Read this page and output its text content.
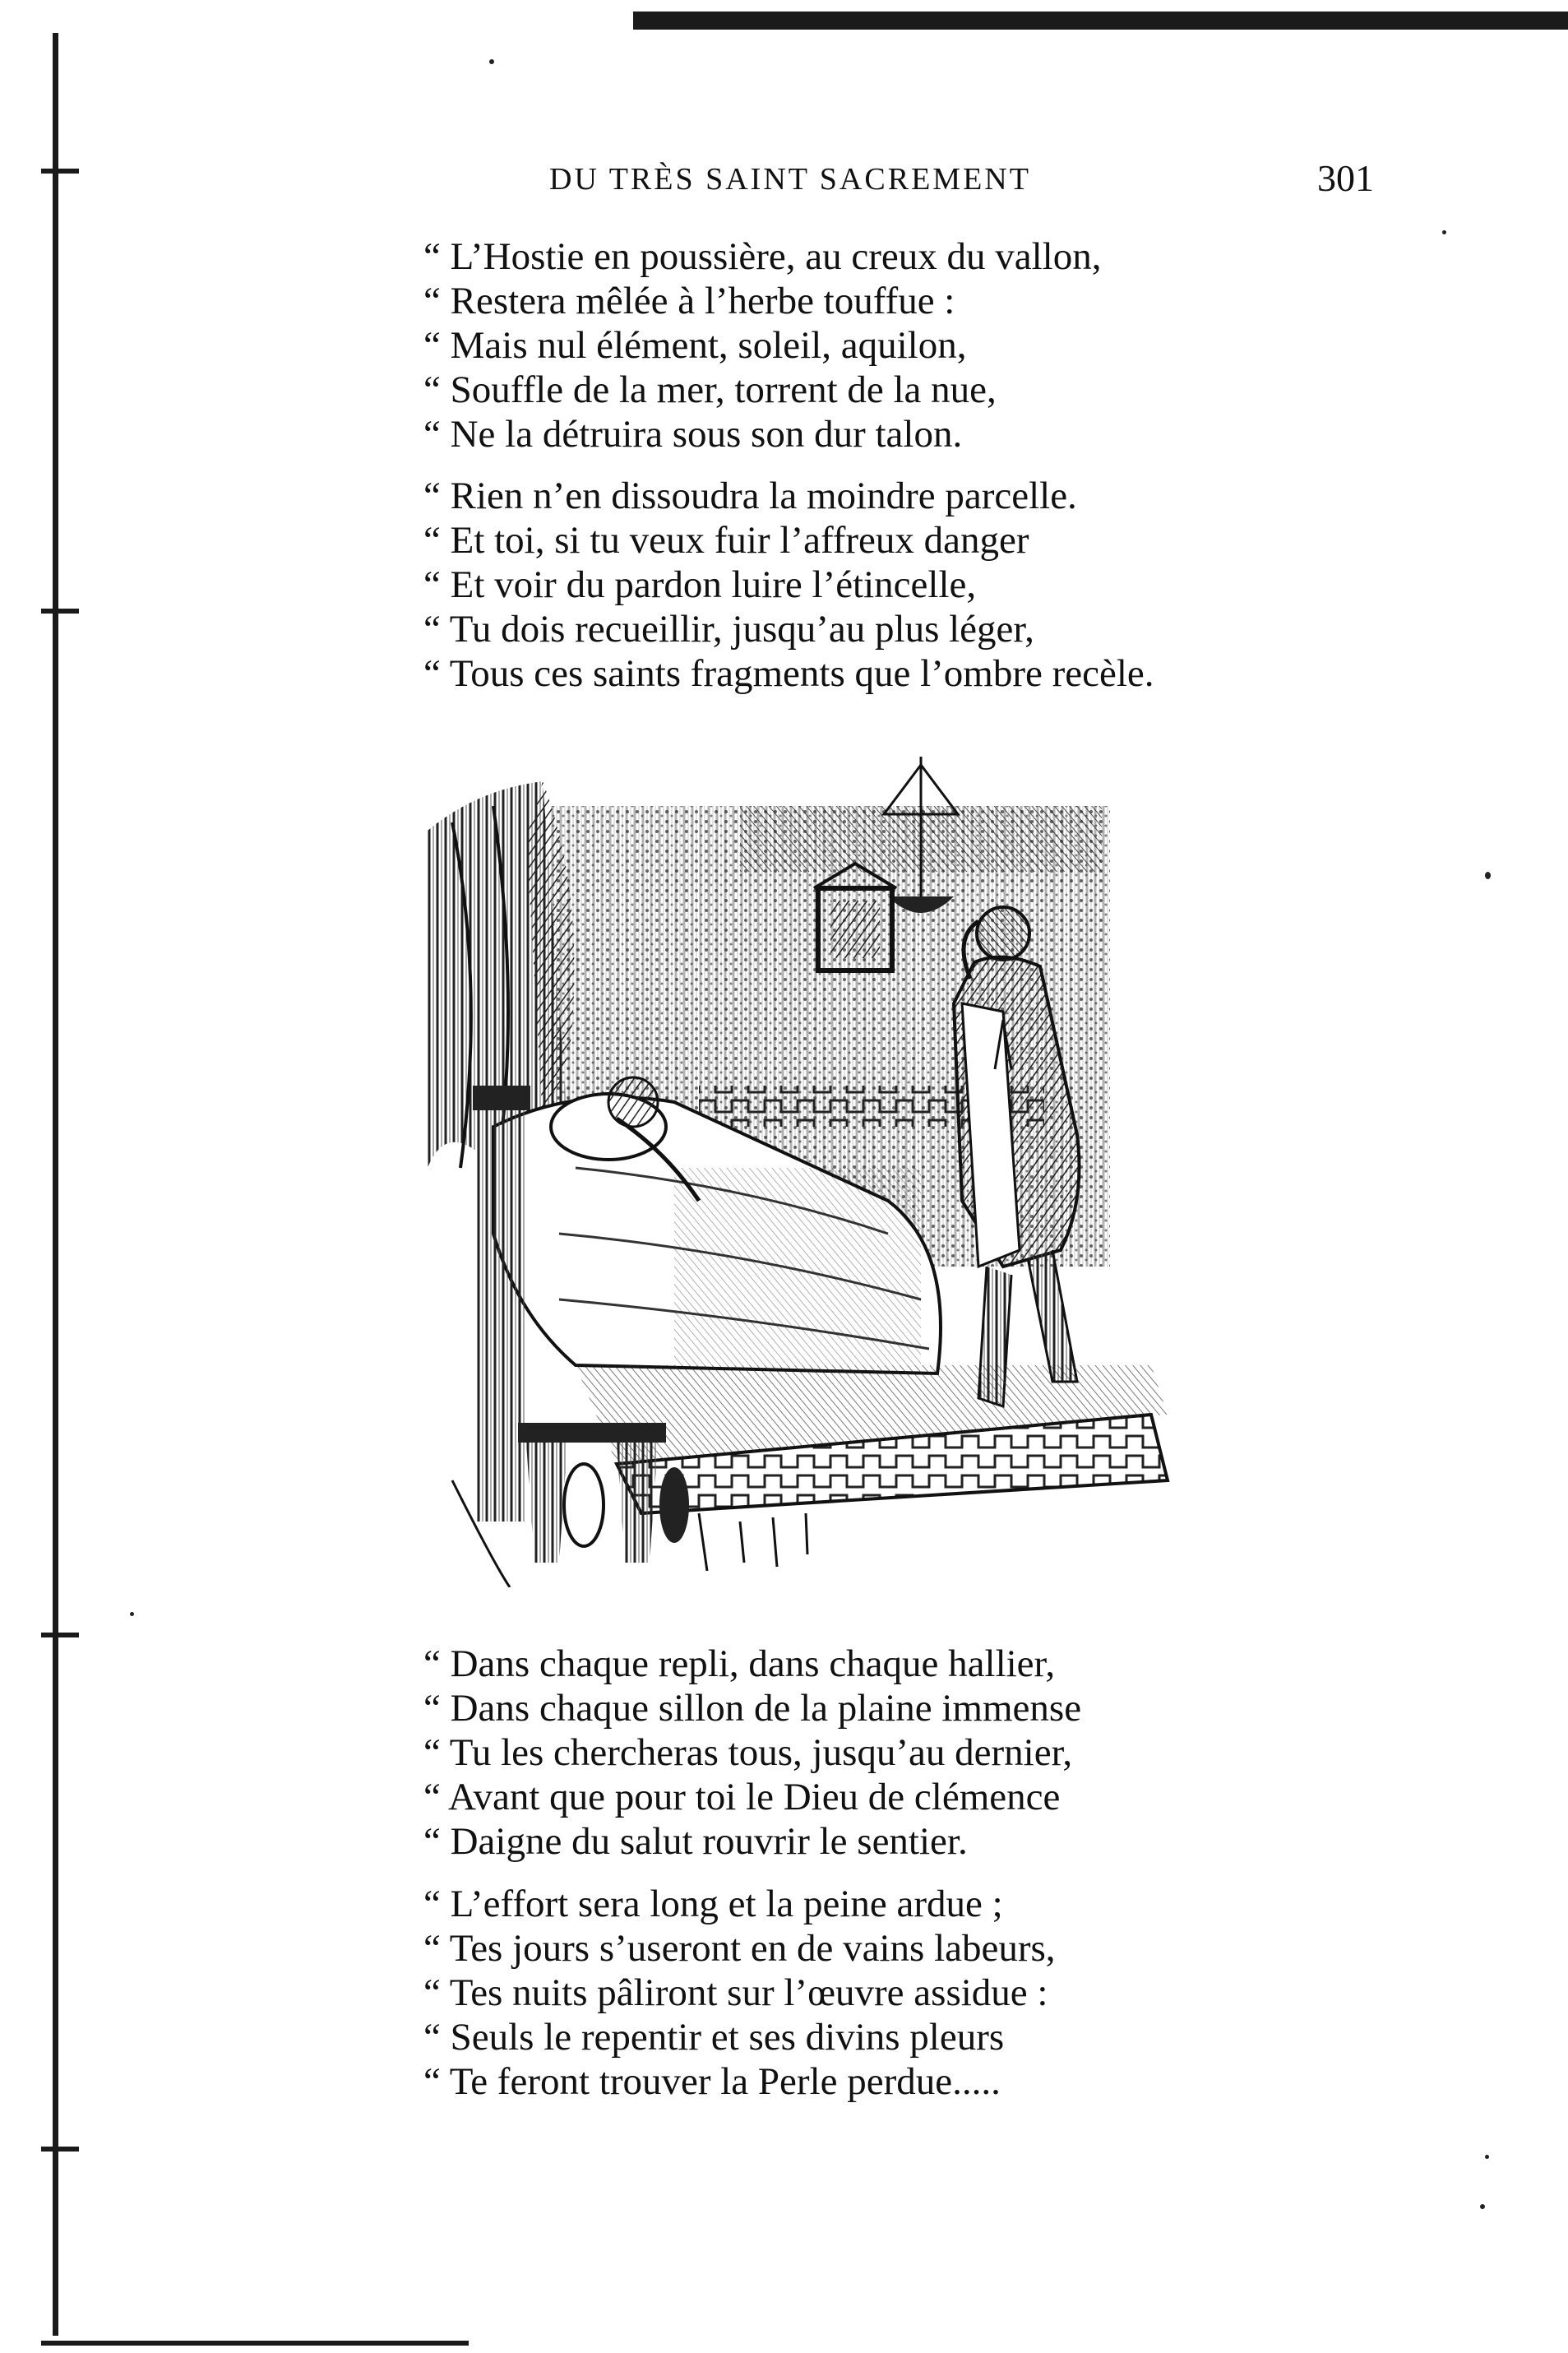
DU TRÈS SAINT SACREMENT	301
“ L’Hostie en poussière, au creux du vallon,
“ Restera mêlée à l’herbe touffue :
“ Mais nul élément, soleil, aquilon,
“ Souffle de la mer, torrent de la nue,
“ Ne la détruira sous son dur talon.
“ Rien n’en dissoudra la moindre parcelle.
“ Et toi, si tu veux fuir l’affreux danger
“ Et voir du pardon luire l’étincelle,
“ Tu dois recueillir, jusqu’au plus léger,
“ Tous ces saints fragments que l’ombre recèle.
“ Dans chaque repli, dans chaque hallier,
“ Dans chaque sillon de la plaine immense
“ Tu les chercheras tous, jusqu’au dernier,
“ Avant que pour toi le Dieu de clémence
“ Daigne du salut rouvrir le sentier.
“ L’effort sera long et la peine ardue ;
“ Tes jours s’useront en de vains labeurs,
“ Tes nuits pâliront sur l’œuvre assidue :
“ Seuls le repentir et ses divins pleurs
“ Te feront trouver la Perle perdue.....
